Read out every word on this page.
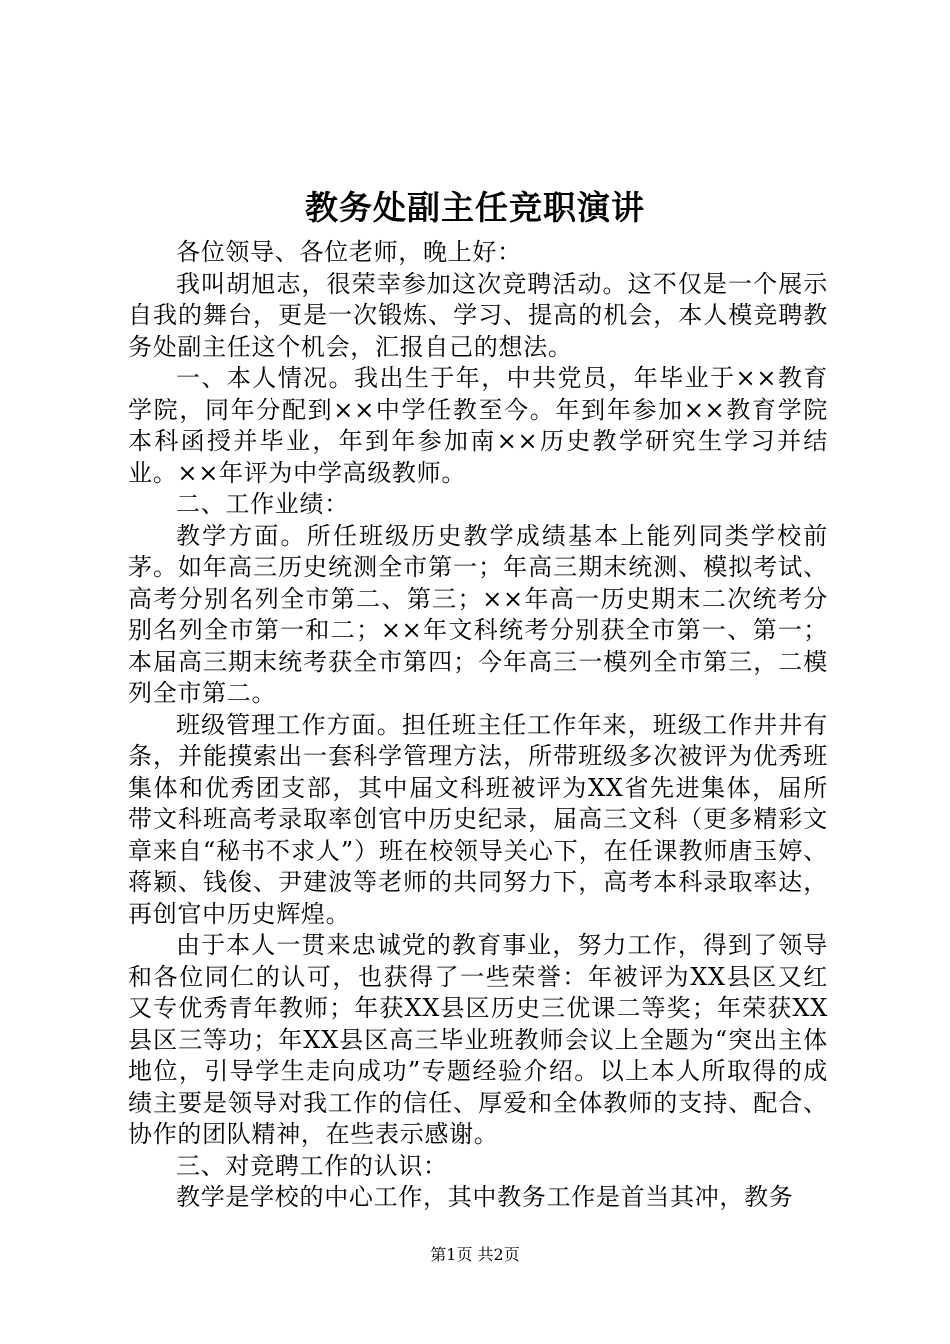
教务处副主任竞职演讲

各位领导、各位老师，晚上好：

我叫胡旭志，很荣幸参加这次竞聘活动。这不仅是一个展示自我的舞台，更是一次锻炼、学习、提高的机会，本人模竞聘教务处副主任这个机会，汇报自己的想法。

一、本人情况。我出生于年，中共党员，年毕业于××教育学院，同年分配到××中学任教至今。年到年参加××教育学院本科函授并毕业，年到年参加南××历史教学研究生学习并结业。××年评为中学高级教师。

二、工作业绩：

教学方面。所任班级历史教学成绩基本上能列同类学校前茅。如年高三历史统测全市第一；年高三期末统测、模拟考试、高考分别名列全市第二、第三；××年高一历史期末二次统考分别名列全市第一和二；××年文科统考分别获全市第一、第一；本届高三期末统考获全市第四；今年高三一模列全市第三，二模列全市第二。

班级管理工作方面。担任班主任工作年来，班级工作井井有条，并能摸索出一套科学管理方法，所带班级多次被评为优秀班集体和优秀团支部，其中届文科班被评为XX省先进集体，届所带文科班高考录取率创官中历史纪录，届高三文科（更多精彩文章来自“秘书不求人”）班在校领导关心下，在任课教师唐玉婷、蒋颖、钱俊、尹建波等老师的共同努力下，高考本科录取率达，再创官中历史辉煌。

由于本人一贯来忠诚党的教育事业，努力工作，得到了领导和各位同仁的认可，也获得了一些荣誉：年被评为XX县区又红又专优秀青年教师；年获XX县区历史三优课二等奖；年荣获XX县区三等功；年XX县区高三毕业班教师会议上全题为“突出主体地位，引导学生走向成功”专题经验介绍。以上本人所取得的成绩主要是领导对我工作的信任、厚爱和全体教师的支持、配合、协作的团队精神，在些表示感谢。

三、对竞聘工作的认识：

教学是学校的中心工作，其中教务工作是首当其冲，教务

第1页 共2页
